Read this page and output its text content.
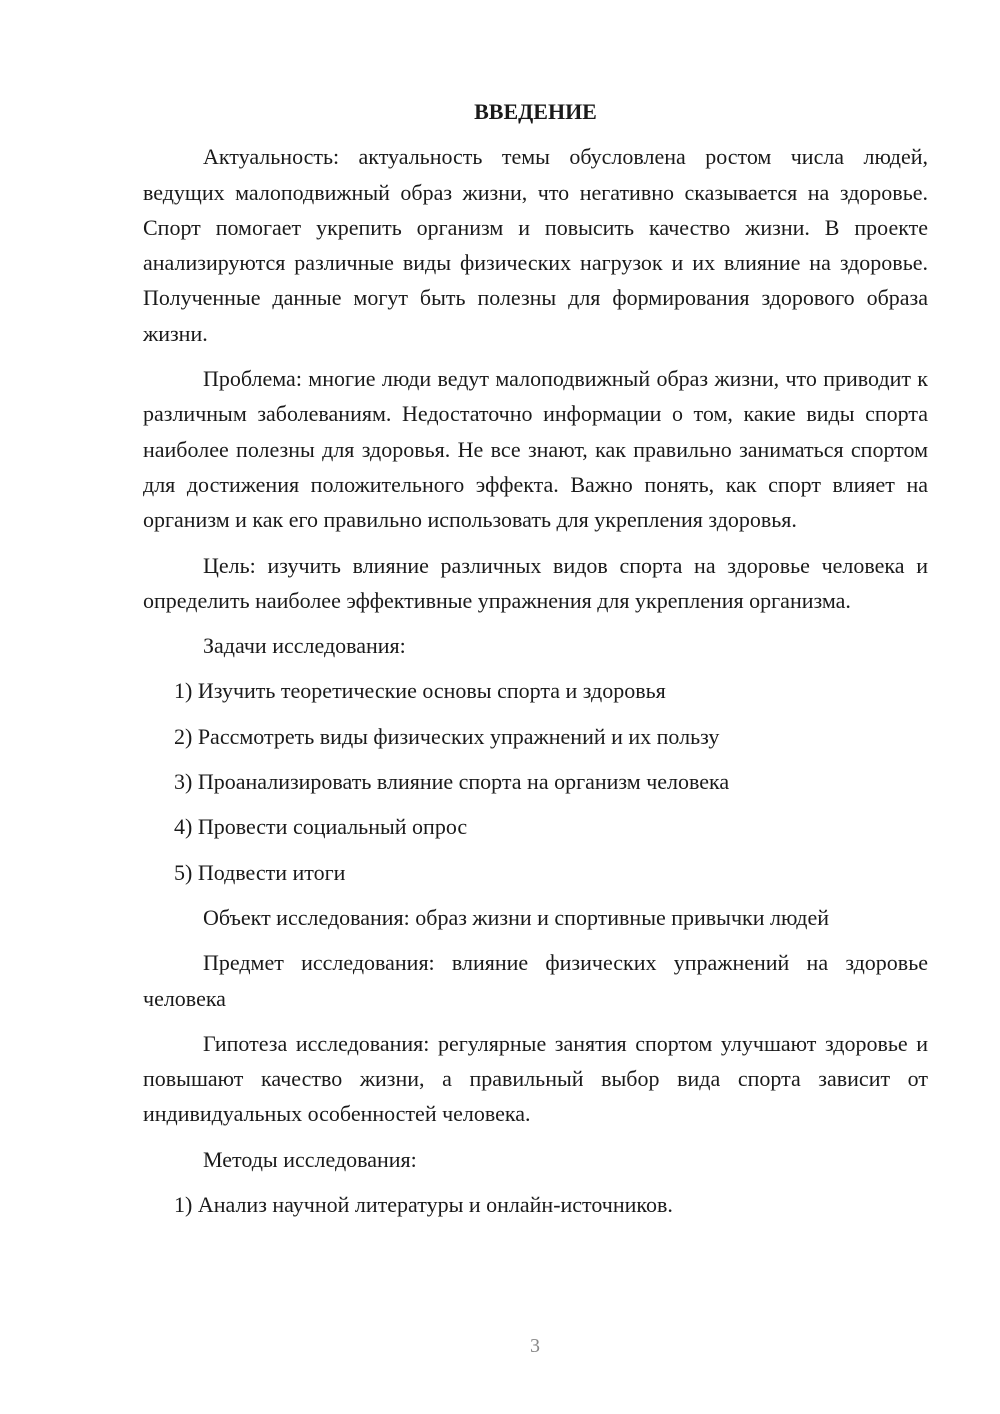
ВВЕДЕНИЕ
Актуальность: актуальность темы обусловлена ростом числа людей, ведущих малоподвижный образ жизни, что негативно сказывается на здоровье. Спорт помогает укрепить организм и повысить качество жизни. В проекте анализируются различные виды физических нагрузок и их влияние на здоровье. Полученные данные могут быть полезны для формирования здорового образа жизни.
Проблема: многие люди ведут малоподвижный образ жизни, что приводит к различным заболеваниям. Недостаточно информации о том, какие виды спорта наиболее полезны для здоровья. Не все знают, как правильно заниматься спортом для достижения положительного эффекта. Важно понять, как спорт влияет на организм и как его правильно использовать для укрепления здоровья.
Цель: изучить влияние различных видов спорта на здоровье человека и определить наиболее эффективные упражнения для укрепления организма.
Задачи исследования:
1) Изучить теоретические основы спорта и здоровья
2) Рассмотреть виды физических упражнений и их пользу
3) Проанализировать влияние спорта на организм человека
4) Провести социальный опрос
5) Подвести итоги
Объект исследования: образ жизни и спортивные привычки людей
Предмет исследования: влияние физических упражнений на здоровье человека
Гипотеза исследования: регулярные занятия спортом улучшают здоровье и повышают качество жизни, а правильный выбор вида спорта зависит от индивидуальных особенностей человека.
Методы исследования:
1) Анализ научной литературы и онлайн-источников.
3
